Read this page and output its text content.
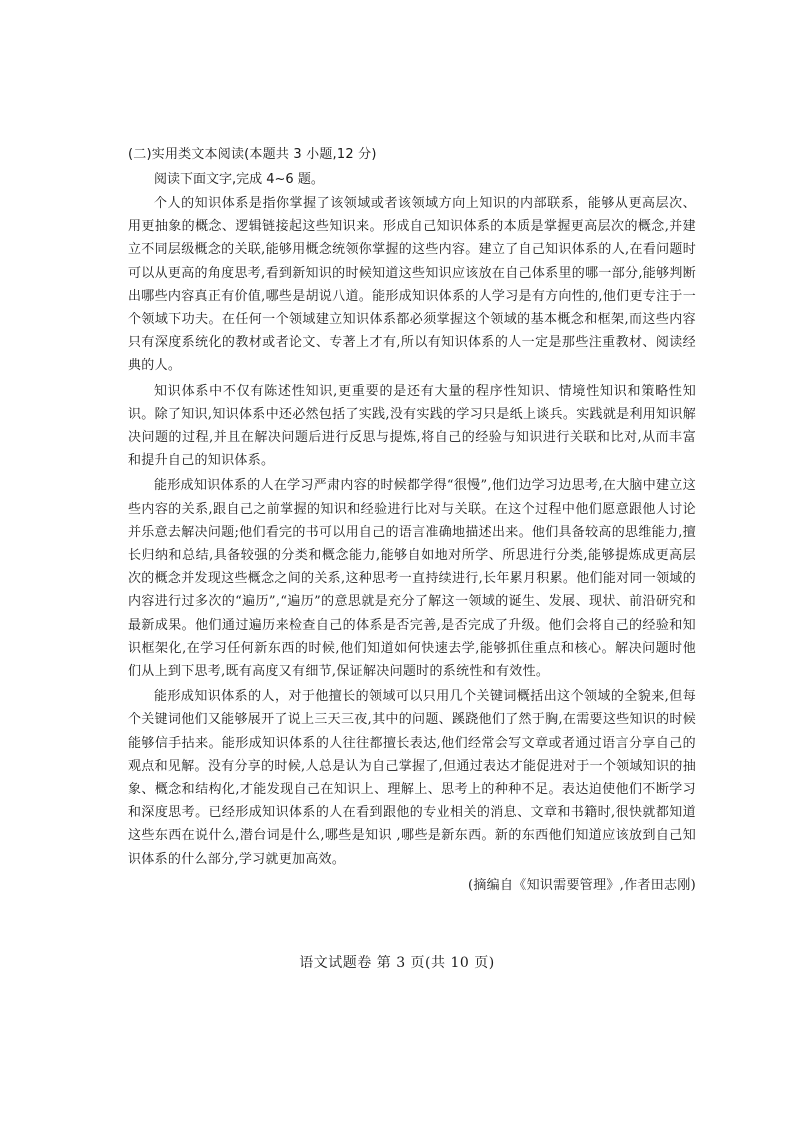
(二)实用类文本阅读(本题共 3 小题,12 分)

阅读下面文字,完成 4~6 题。

个人的知识体系是指你掌握了该领域或者该领域方向上知识的内部联系，能够从更高层次、用更抽象的概念、逻辑链接起这些知识来。形成自己知识体系的本质是掌握更高层次的概念,并建立不同层级概念的关联,能够用概念统领你掌握的这些内容。建立了自己知识体系的人,在看问题时可以从更高的角度思考,看到新知识的时候知道这些知识应该放在自己体系里的哪一部分,能够判断出哪些内容真正有价值,哪些是胡说八道。能形成知识体系的人学习是有方向性的,他们更专注于一个领域下功夫。在任何一个领域建立知识体系都必须掌握这个领域的基本概念和框架,而这些内容只有深度系统化的教材或者论文、专著上才有,所以有知识体系的人一定是那些注重教材、阅读经典的人。

知识体系中不仅有陈述性知识,更重要的是还有大量的程序性知识、情境性知识和策略性知识。除了知识,知识体系中还必然包括了实践,没有实践的学习只是纸上谈兵。实践就是利用知识解决问题的过程,并且在解决问题后进行反思与提炼,将自己的经验与知识进行关联和比对,从而丰富和提升自己的知识体系。

能形成知识体系的人在学习严肃内容的时候都学得“很慢”,他们边学习边思考,在大脑中建立这些内容的关系,跟自己之前掌握的知识和经验进行比对与关联。在这个过程中他们愿意跟他人讨论并乐意去解决问题;他们看完的书可以用自己的语言准确地描述出来。他们具备较高的思维能力,擅长归纳和总结,具备较强的分类和概念能力,能够自如地对所学、所思进行分类,能够提炼成更高层次的概念并发现这些概念之间的关系,这种思考一直持续进行,长年累月积累。他们能对同一领域的内容进行过多次的“遍历”,“遍历”的意思就是充分了解这一领域的诞生、发展、现状、前沿研究和最新成果。他们通过遍历来检查自己的体系是否完善,是否完成了升级。他们会将自己的经验和知识框架化,在学习任何新东西的时候,他们知道如何快速去学,能够抓住重点和核心。解决问题时他们从上到下思考,既有高度又有细节,保证解决问题时的系统性和有效性。

能形成知识体系的人，对于他擅长的领域可以只用几个关键词概括出这个领域的全貌来,但每个关键词他们又能够展开了说上三天三夜,其中的问题、蹊跷他们了然于胸,在需要这些知识的时候能够信手拈来。能形成知识体系的人往往都擅长表达,他们经常会写文章或者通过语言分享自己的观点和见解。没有分享的时候,人总是认为自己掌握了,但通过表达才能促进对于一个领域知识的抽象、概念和结构化,才能发现自己在知识上、理解上、思考上的种种不足。表达迫使他们不断学习和深度思考。已经形成知识体系的人在看到跟他的专业相关的消息、文章和书籍时,很快就都知道这些东西在说什么,潜台词是什么,哪些是知识 ,哪些是新东西。新的东西他们知道应该放到自己知识体系的什么部分,学习就更加高效。

(摘编自《知识需要管理》,作者田志刚)

语文试题卷 第 3 页(共 10 页)
